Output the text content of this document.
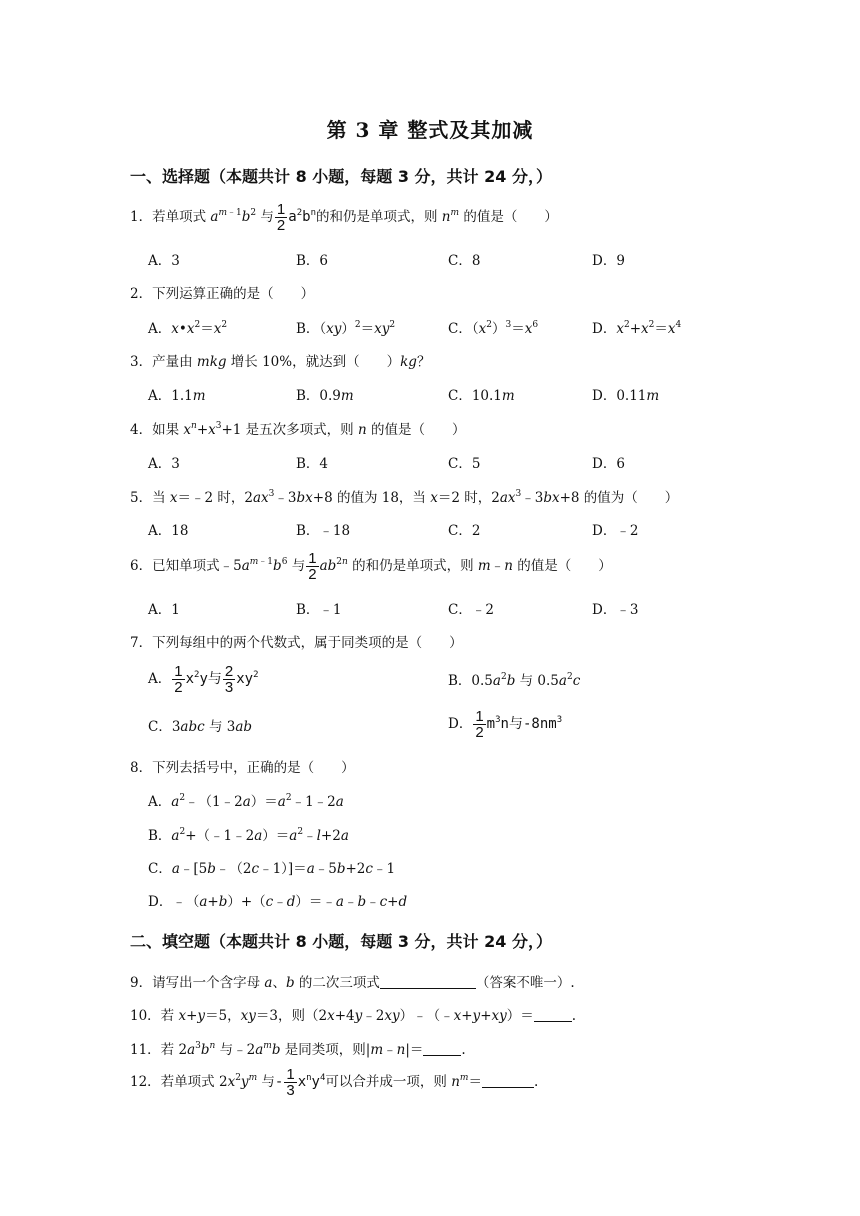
第 3 章 整式及其加减
一、选择题（本题共计 8 小题，每题 3 分，共计 24 分，）
1．若单项式 $a^{m﹣1}b^2$ 与 $\frac{1}{2} a^2b^n$的和仍是单项式，则 $n^m$ 的值是（　　）
A．3	B．6	C．8	D．9
2．下列运算正确的是（　　）
A．$x•x^2=x^2$	B．$(xy)^2=xy^2$	C．$(x^2)^3=x^6$	D．$x^2+x^2=x^4$
3．产量由 mkg 增长 10%，就达到（　　）kg？
A．1.1m	B．0.9m	C．10.1m	D．0.11m
4．如果 $x^n+x^3+1$ 是五次多项式，则 n 的值是（　　）
A．3	B．4	C．5	D．6
5．当 x＝﹣2 时，$2ax^3﹣3bx+8$ 的值为 18，当 x＝2 时，$2ax^3﹣3bx+8$ 的值为（　　）
A．18	B．﹣18	C．2	D．﹣2
6．已知单项式$﹣5a^{m﹣1}b^6$ 与 $\frac{1}{2} ab^{2n}$ 的和仍是单项式，则 m﹣n 的值是（　　）
A．1	B．﹣1	C．﹣2	D．﹣3
7．下列每组中的两个代数式，属于同类项的是（　　）
A． $\frac{1}{2} x^2y$与 $\frac{2}{3} xy^2$	B．$0.5a^2b$ 与 $0.5a^2c$
C．3abc 与 3ab	D． $\frac{1}{2} m^3n$与$-8nm^3$
8．下列去括号中，正确的是（　　）
A．$a^2﹣(1﹣2a)=a^2﹣1﹣2a$
B．$a^2+(﹣1﹣2a)=a^2﹣l+2a$
C．a﹣[5b﹣（2c﹣1）]＝a﹣5b+2c﹣1
D．﹣（a+b）+（c﹣d）＝﹣a﹣b﹣c+d
二、填空题（本题共计 8 小题，每题 3 分，共计 24 分，）
9．请写出一个含字母 a、b 的二次三项式	（答案不唯一）.
10．若 x+y＝5，xy＝3，则（2x+4y﹣2xy）﹣（﹣x+y+xy）＝	.
11．若 $2a^3b^n$ 与$﹣2a^mb$ 是同类项，则|m﹣n|＝	.
12．若单项式 $2x^2y^m$ 与- $\frac{1}{3} x^ny^4$可以合并成一项，则 $n^m=$	.
